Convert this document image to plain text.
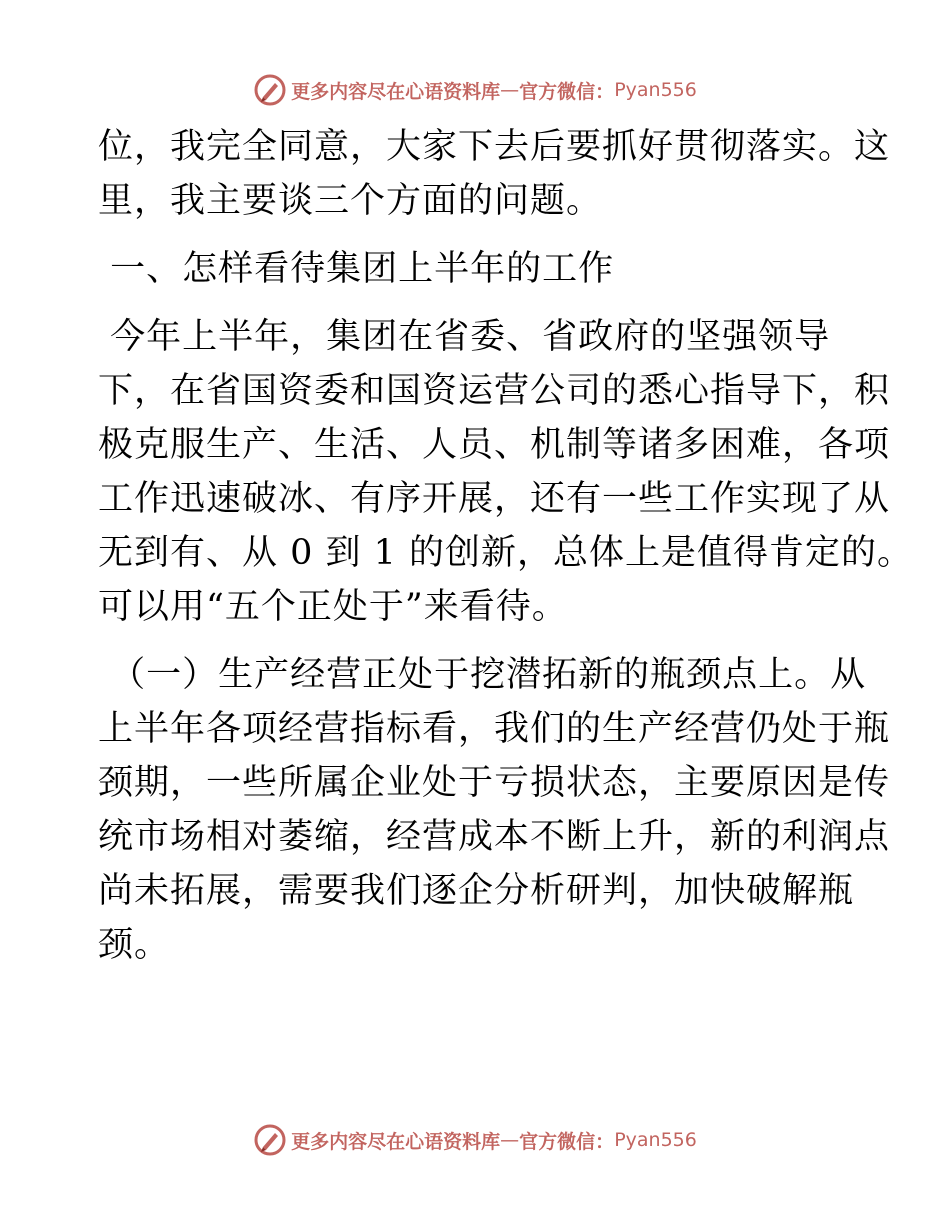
更多内容尽在心语资料库 — 官方微信： Pyan556

位，我完全同意，大家下去后要抓好贯彻落实。这
里，我主要谈三个方面的问题。

一、怎样看待集团上半年的工作

今年上半年，集团在省委、省政府的坚强领导
下，在省国资委和国资运营公司的悉心指导下，积
极克服生产、生活、人员、机制等诸多困难，各项
工作迅速破冰、有序开展，还有一些工作实现了从
无到有、从 0 到 1 的创新，总体上是值得肯定的。
可以用“五个正处于”来看待。

（一）生产经营正处于挖潜拓新的瓶颈点上。从
上半年各项经营指标看，我们的生产经营仍处于瓶
颈期，一些所属企业处于亏损状态，主要原因是传
统市场相对萎缩，经营成本不断上升，新的利润点
尚未拓展，需要我们逐企分析研判，加快破解瓶
颈。

更多内容尽在心语资料库 — 官方微信： Pyan556
